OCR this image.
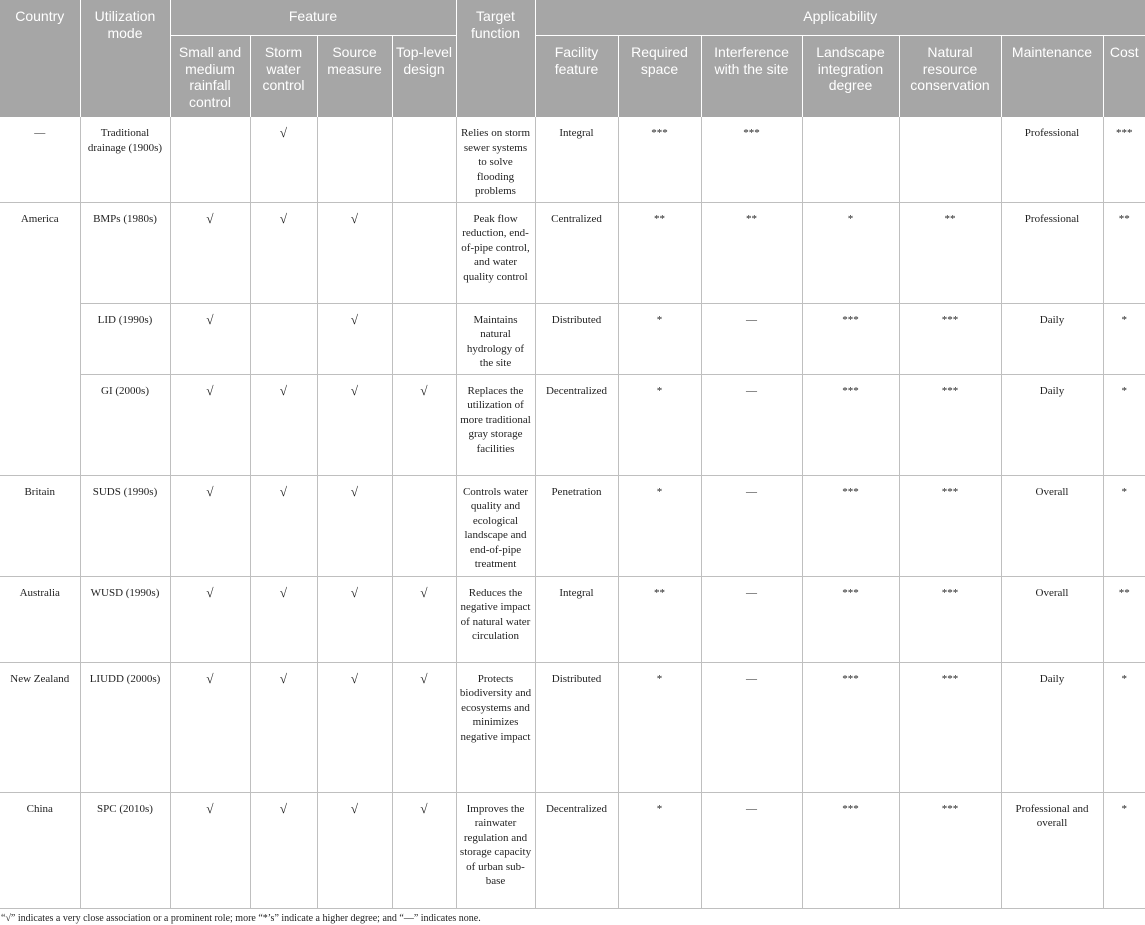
Country	Utilization mode	Feature				Target function	Applicability						
		Small and medium rainfall control	Storm water control	Source measure	Top-level design		Facility feature	Required space	Interference with the site	Landscape integration degree	Natural resource conservation	Maintenance	Cost
—	Traditional drainage (1900s)		√			Relies on storm sewer systems to solve flooding problems	Integral	***	***			Professional	***
America	BMPs (1980s)	√	√	√		Peak flow reduction, end-of-pipe control, and water quality control	Centralized	**	**	*	**	Professional	**
	LID (1990s)	√		√		Maintains natural hydrology of the site	Distributed	*	—	***	***	Daily	*
	GI (2000s)	√	√	√	√	Replaces the utilization of more traditional gray storage facilities	Decentralized	*	—	***	***	Daily	*
Britain	SUDS (1990s)	√	√	√		Controls water quality and ecological landscape and end-of-pipe treatment	Penetration	*	—	***	***	Overall	*
Australia	WUSD (1990s)	√	√	√	√	Reduces the negative impact of natural water circulation	Integral	**	—	***	***	Overall	**
New Zealand	LIUDD (2000s)	√	√	√	√	Protects biodiversity and ecosystems and minimizes negative impact	Distributed	*	—	***	***	Daily	*
China	SPC (2010s)	√	√	√	√	Improves the rainwater regulation and storage capacity of urban sub-base	Decentralized	*	—	***	***	Professional and overall	*
“√” indicates a very close association or a prominent role; more “*’s” indicate a higher degree; and “—” indicates none.
